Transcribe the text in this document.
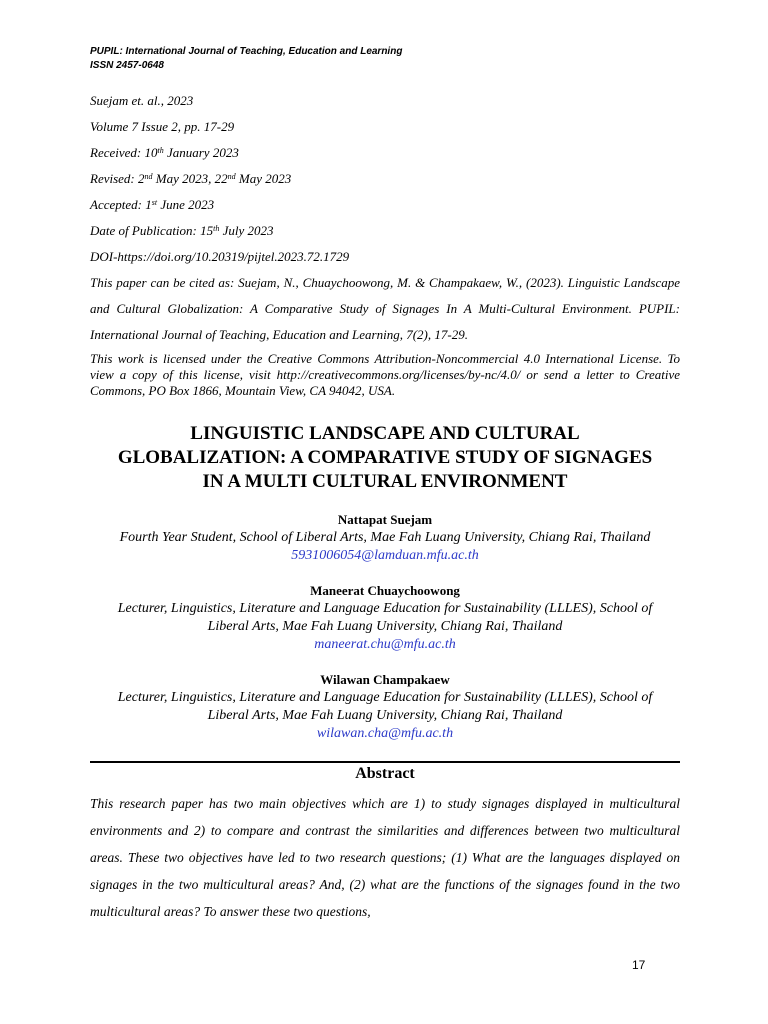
PUPIL: International Journal of Teaching, Education and Learning
ISSN 2457-0648
Suejam et. al., 2023
Volume 7 Issue 2, pp. 17-29
Received: 10th January 2023
Revised: 2nd May 2023, 22nd May 2023
Accepted: 1st June 2023
Date of Publication: 15th July 2023
DOI-https://doi.org/10.20319/pijtel.2023.72.1729
This paper can be cited as: Suejam, N., Chuaychoowong, M. & Champakaew, W., (2023). Linguistic Landscape and Cultural Globalization: A Comparative Study of Signages In A Multi-Cultural Environment. PUPIL: International Journal of Teaching, Education and Learning, 7(2), 17-29.
This work is licensed under the Creative Commons Attribution-Noncommercial 4.0 International License. To view a copy of this license, visit http://creativecommons.org/licenses/by-nc/4.0/ or send a letter to Creative Commons, PO Box 1866, Mountain View, CA 94042, USA.
LINGUISTIC LANDSCAPE AND CULTURAL
GLOBALIZATION: A COMPARATIVE STUDY OF SIGNAGES
IN A MULTI CULTURAL ENVIRONMENT
Nattapat Suejam
Fourth Year Student, School of Liberal Arts, Mae Fah Luang University, Chiang Rai, Thailand
5931006054@lamduan.mfu.ac.th
Maneerat Chuaychoowong
Lecturer, Linguistics, Literature and Language Education for Sustainability (LLLES), School of
Liberal Arts, Mae Fah Luang University, Chiang Rai, Thailand
maneerat.chu@mfu.ac.th
Wilawan Champakaew
Lecturer, Linguistics, Literature and Language Education for Sustainability (LLLES), School of
Liberal Arts, Mae Fah Luang University, Chiang Rai, Thailand
wilawan.cha@mfu.ac.th
Abstract
This research paper has two main objectives which are 1) to study signages displayed in multicultural environments and 2) to compare and contrast the similarities and differences between two multicultural areas. These two objectives have led to two research questions; (1) What are the languages displayed on signages in the two multicultural areas? And, (2) what are the functions of the signages found in the two multicultural areas? To answer these two questions,
17
